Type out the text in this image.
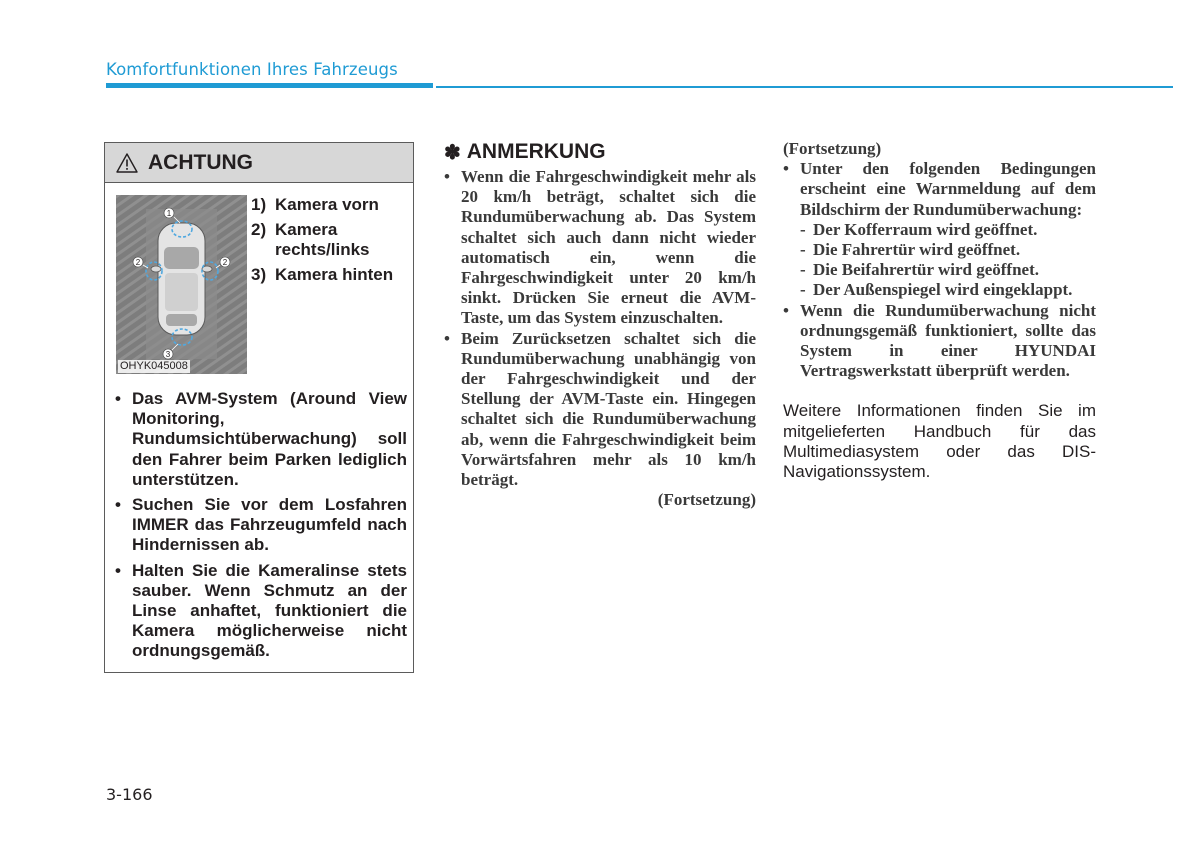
Komfortfunktionen Ihres Fahrzeugs
ACHTUNG
1
2	2
3
OHYK045008
1) Kamera vorn
2) Kamera rechts/links
3) Kamera hinten
• Das AVM-System (Around View Monitoring, Rundumsichtüberwachung) soll den Fahrer beim Parken lediglich unterstützen.
• Suchen Sie vor dem Losfahren IMMER das Fahrzeugumfeld nach Hindernissen ab.
• Halten Sie die Kameralinse stets sauber. Wenn Schmutz an der Linse anhaftet, funktioniert die Kamera möglicherweise nicht ordnungsgemäß.
✽ ANMERKUNG
• Wenn die Fahrgeschwindigkeit mehr als 20 km/h beträgt, schaltet sich die Rundumüberwachung ab. Das System schaltet sich auch dann nicht wieder automatisch ein, wenn die Fahrgeschwindigkeit unter 20 km/h sinkt. Drücken Sie erneut die AVM-Taste, um das System einzuschalten.
• Beim Zurücksetzen schaltet sich die Rundumüberwachung unabhängig von der Fahrgeschwindigkeit und der Stellung der AVM-Taste ein. Hingegen schaltet sich die Rundumüberwachung ab, wenn die Fahrgeschwindigkeit beim Vorwärtsfahren mehr als 10 km/h beträgt.
(Fortsetzung)
(Fortsetzung)
• Unter den folgenden Bedingungen erscheint eine Warnmeldung auf dem Bildschirm der Rundumüberwachung:
- Der Kofferraum wird geöffnet.
- Die Fahrertür wird geöffnet.
- Die Beifahrertür wird geöffnet.
- Der Außenspiegel wird eingeklappt.
• Wenn die Rundumüberwachung nicht ordnungsgemäß funktioniert, sollte das System in einer HYUNDAI Vertragswerkstatt überprüft werden.
Weitere Informationen finden Sie im mitgelieferten Handbuch für das Multimediasystem oder das DIS-Navigationssystem.
3-166
